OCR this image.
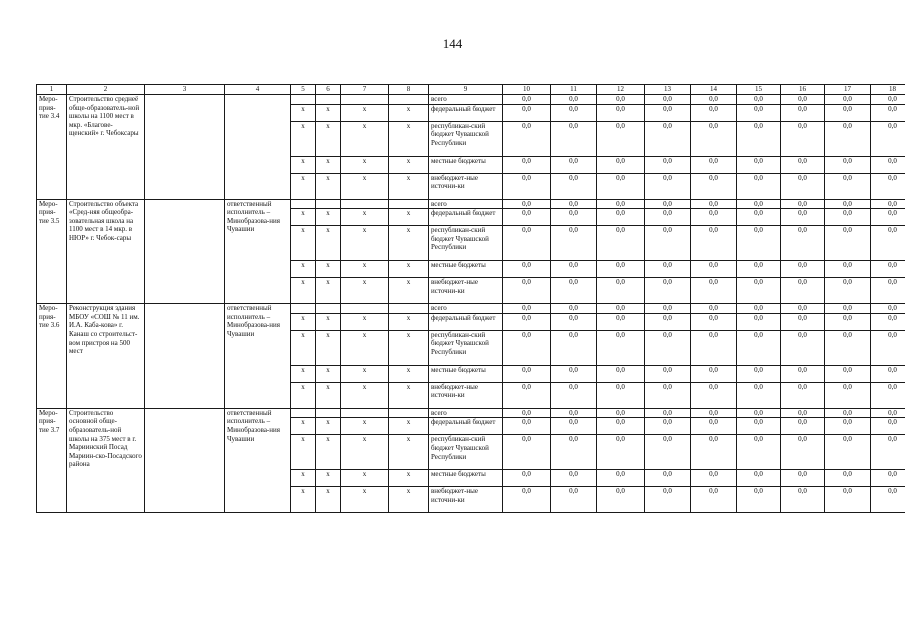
144
1	2	3	4	5	6	7	8	9	10	11	12	13	14	15	16	17	18
Меро-
прия-
тие 3.4	Строительство среднеё обще-образователь-ной школы на 1100 мест в мкр. «Благове-щенский» г. Чебоксары							всего	0,0	0,0	0,0	0,0	0,0	0,0	0,0	0,0	0,0
				х	х	х	х	федеральный бюджет	0,0	0,0	0,0	0,0	0,0	0,0	0,0	0,0	0,0
				х	х	х	х	республикан-ский бюджет Чувашской Республики	0,0	0,0	0,0	0,0	0,0	0,0	0,0	0,0	0,0
				х	х	х	х	местные бюджеты	0,0	0,0	0,0	0,0	0,0	0,0	0,0	0,0	0,0
				х	х	х	х	внебюджет-ные источни-ки	0,0	0,0	0,0	0,0	0,0	0,0	0,0	0,0	0,0
Меро-
прия-
тие 3.5	Строительство объекта «Сред-няя общеобра-зовательная школа на 1100 мест в 14 мкр. в НЮР» г. Чебок-сары		ответственный исполнитель – Минобразова-ния Чувашии					всего	0,0	0,0	0,0	0,0	0,0	0,0	0,0	0,0	0,0
				х	х	х	х	федеральный бюджет	0,0	0,0	0,0	0,0	0,0	0,0	0,0	0,0	0,0
				х	х	х	х	республикан-ский бюджет Чувашской Республики	0,0	0,0	0,0	0,0	0,0	0,0	0,0	0,0	0,0
				х	х	х	х	местные бюджеты	0,0	0,0	0,0	0,0	0,0	0,0	0,0	0,0	0,0
				х	х	х	х	внебюджет-ные источни-ки	0,0	0,0	0,0	0,0	0,0	0,0	0,0	0,0	0,0
Меро-
прия-
тие 3.6	Реконструкция здания МБОУ «СОШ № 11 им. И.А. Каба-кова» г. Канаш со строительст-вом пристроя на 500 мест		ответственный исполнитель – Минобразова-ния Чувашии					всего	0,0	0,0	0,0	0,0	0,0	0,0	0,0	0,0	0,0
				х	х	х	х	федеральный бюджет	0,0	0,0	0,0	0,0	0,0	0,0	0,0	0,0	0,0
				х	х	х	х	республикан-ский бюджет Чувашской Республики	0,0	0,0	0,0	0,0	0,0	0,0	0,0	0,0	0,0
				х	х	х	х	местные бюджеты	0,0	0,0	0,0	0,0	0,0	0,0	0,0	0,0	0,0
				х	х	х	х	внебюджет-ные источни-ки	0,0	0,0	0,0	0,0	0,0	0,0	0,0	0,0	0,0
Меро-
прия-
тие 3.7	Строительство основной обще-образователь-ной школы на 375 мест в г. Мариинский Посад Мариин-ско-Посадского района		ответственный исполнитель – Минобразова-ния Чувашии					всего	0,0	0,0	0,0	0,0	0,0	0,0	0,0	0,0	0,0
				х	х	х	х	федеральный бюджет	0,0	0,0	0,0	0,0	0,0	0,0	0,0	0,0	0,0
				х	х	х	х	республикан-ский бюджет Чувашской Республики	0,0	0,0	0,0	0,0	0,0	0,0	0,0	0,0	0,0
				х	х	х	х	местные бюджеты	0,0	0,0	0,0	0,0	0,0	0,0	0,0	0,0	0,0
				х	х	х	х	внебюджет-ные источни-ки	0,0	0,0	0,0	0,0	0,0	0,0	0,0	0,0	0,0
